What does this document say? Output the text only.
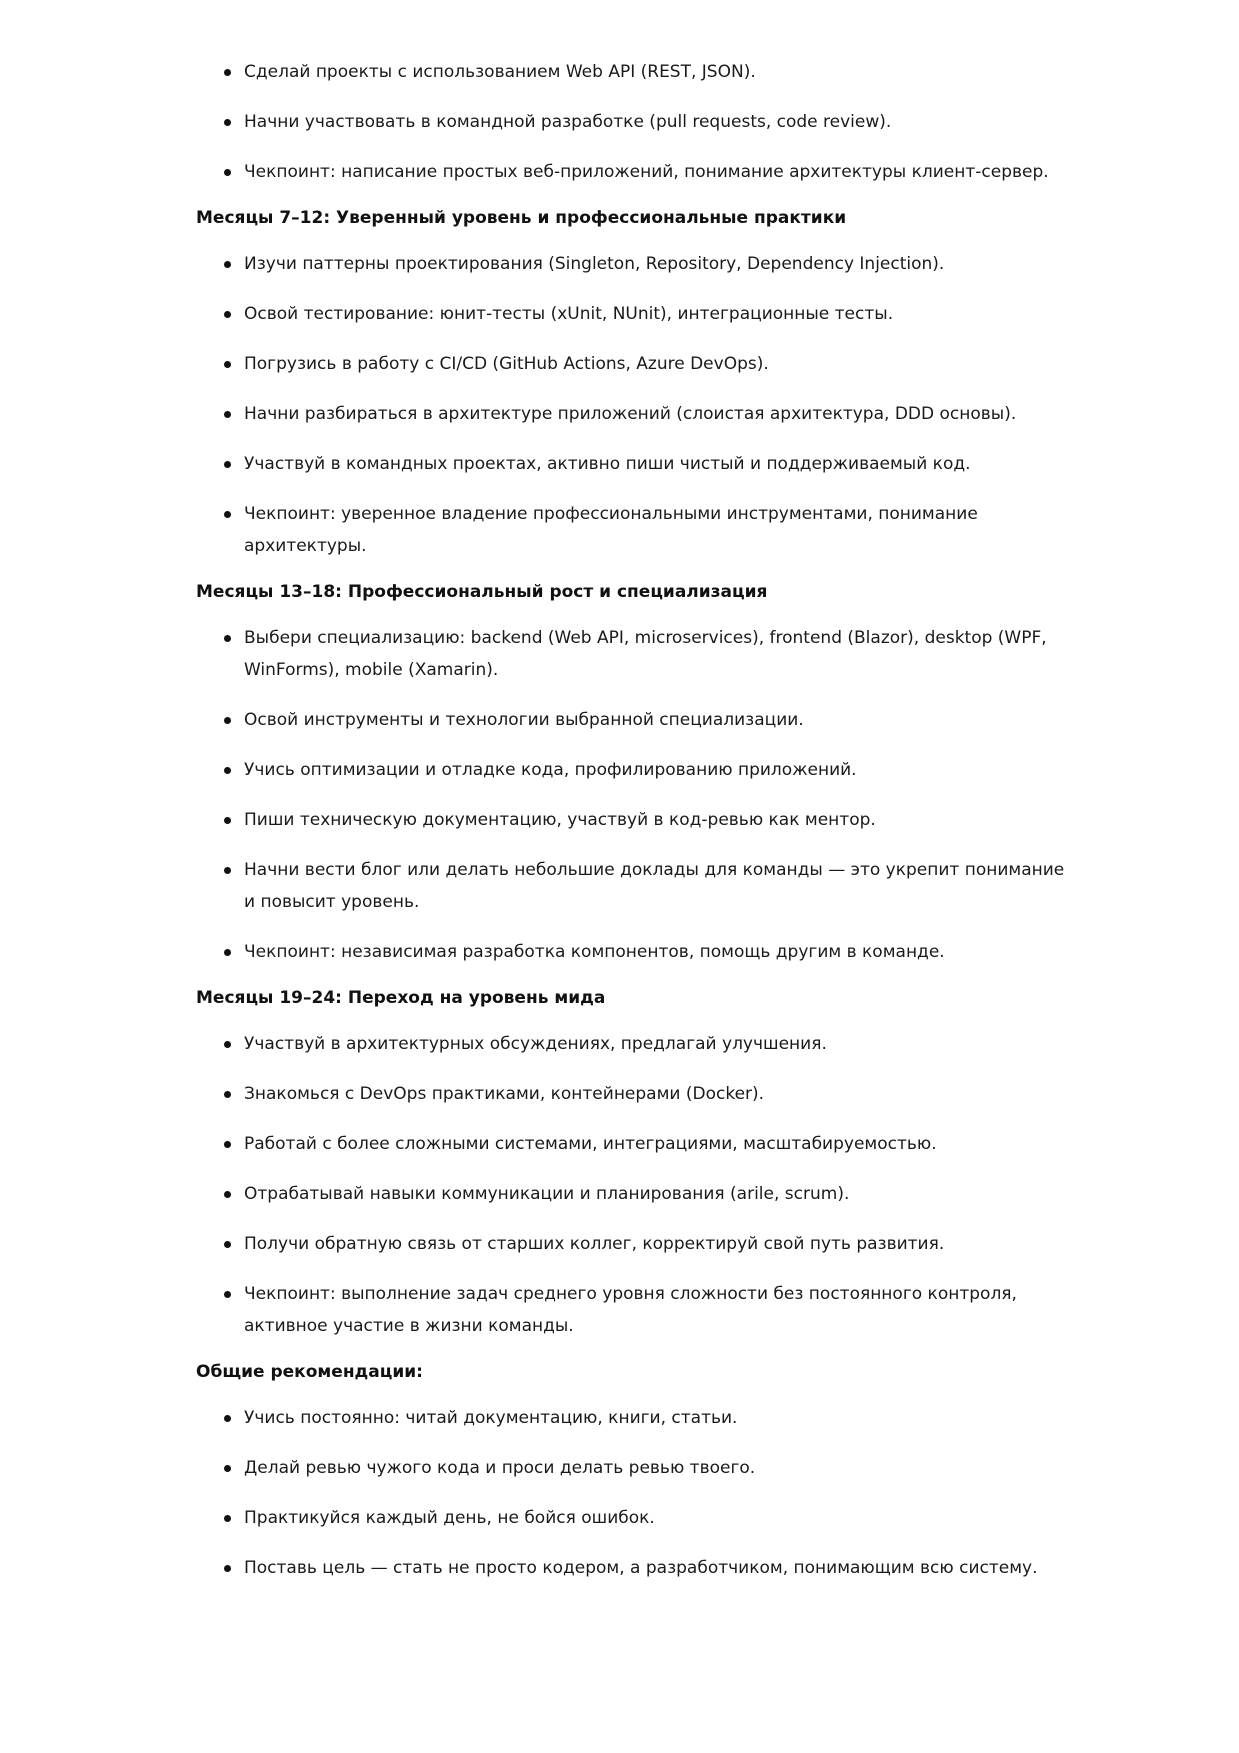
Сделай проекты с использованием Web API (REST, JSON).
Начни участвовать в командной разработке (pull requests, code review).
Чекпоинт: написание простых веб-приложений, понимание архитектуры клиент-сервер.
Месяцы 7–12: Уверенный уровень и профессиональные практики
Изучи паттерны проектирования (Singleton, Repository, Dependency Injection).
Освой тестирование: юнит-тесты (xUnit, NUnit), интеграционные тесты.
Погрузись в работу с CI/CD (GitHub Actions, Azure DevOps).
Начни разбираться в архитектуре приложений (слоистая архитектура, DDD основы).
Участвуй в командных проектах, активно пиши чистый и поддерживаемый код.
Чекпоинт: уверенное владение профессиональными инструментами, понимание архитектуры.
Месяцы 13–18: Профессиональный рост и специализация
Выбери специализацию: backend (Web API, microservices), frontend (Blazor), desktop (WPF, WinForms), mobile (Xamarin).
Освой инструменты и технологии выбранной специализации.
Учись оптимизации и отладке кода, профилированию приложений.
Пиши техническую документацию, участвуй в код-ревью как ментор.
Начни вести блог или делать небольшие доклады для команды — это укрепит понимание и повысит уровень.
Чекпоинт: независимая разработка компонентов, помощь другим в команде.
Месяцы 19–24: Переход на уровень мида
Участвуй в архитектурных обсуждениях, предлагай улучшения.
Знакомься с DevOps практиками, контейнерами (Docker).
Работай с более сложными системами, интеграциями, масштабируемостью.
Отрабатывай навыки коммуникации и планирования (arile, scrum).
Получи обратную связь от старших коллег, корректируй свой путь развития.
Чекпоинт: выполнение задач среднего уровня сложности без постоянного контроля, активное участие в жизни команды.
Общие рекомендации:
Учись постоянно: читай документацию, книги, статьи.
Делай ревью чужого кода и проси делать ревью твоего.
Практикуйся каждый день, не бойся ошибок.
Поставь цель — стать не просто кодером, а разработчиком, понимающим всю систему.
